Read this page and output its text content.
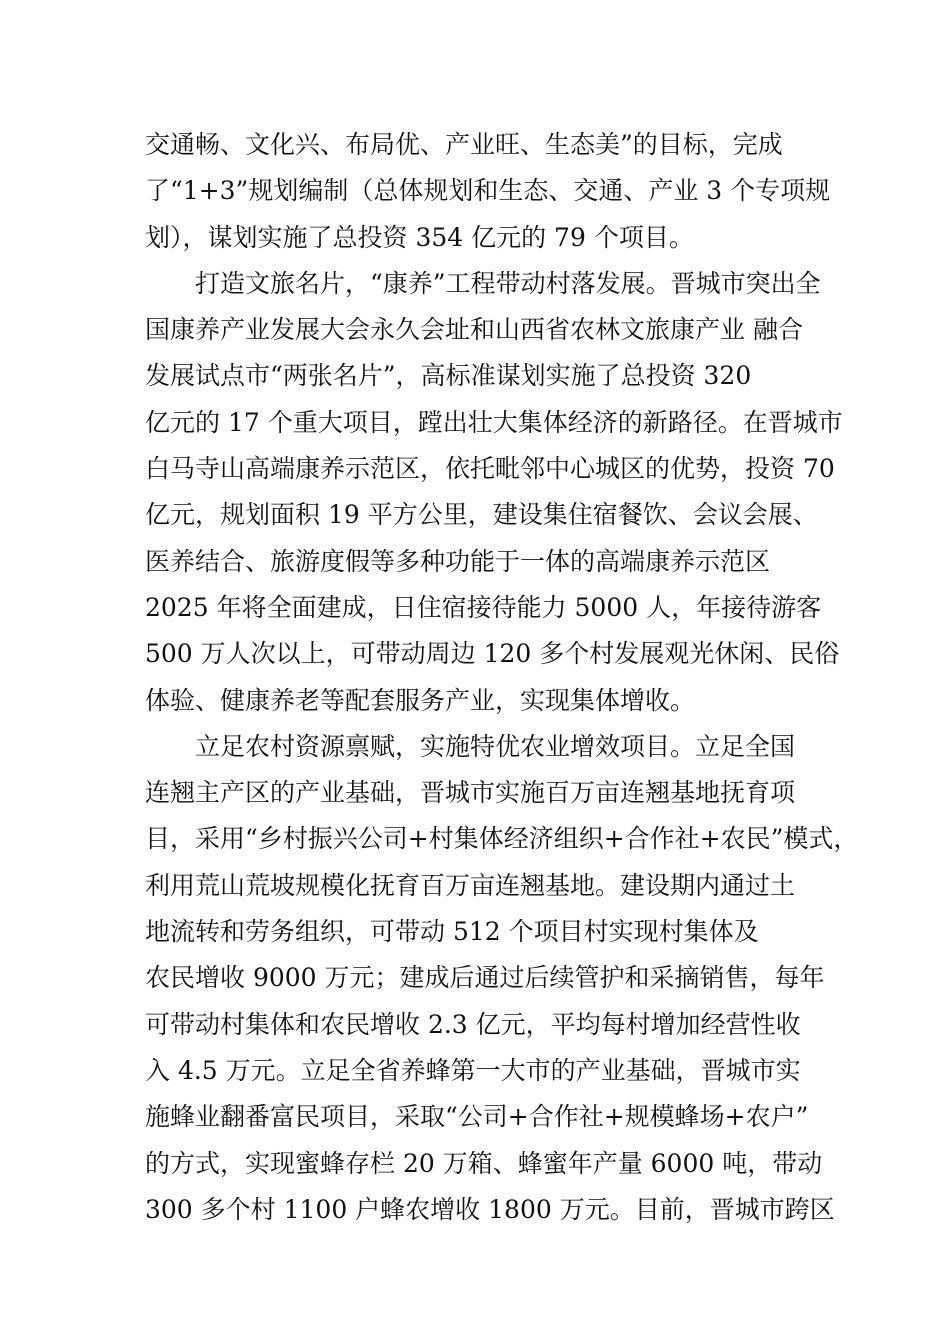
交通畅、文化兴、布局优、产业旺、生态美”的目标，完成
了“1+3”规划编制（总体规划和生态、交通、产业 3 个专项规
划），谋划实施了总投资 354 亿元的 79 个项目。
打造文旅名片，“康养”工程带动村落发展。晋城市突出全
国康养产业发展大会永久会址和山西省农林文旅康产业 融合
发展试点市“两张名片”，高标准谋划实施了总投资 320
亿元的 17 个重大项目，蹚出壮大集体经济的新路径。在晋城市
白马寺山高端康养示范区，依托毗邻中心城区的优势，投资 70
亿元，规划面积 19 平方公里，建设集住宿餐饮、会议会展、
医养结合、旅游度假等多种功能于一体的高端康养示范区
2025 年将全面建成，日住宿接待能力 5000 人，年接待游客
500 万人次以上，可带动周边 120 多个村发展观光休闲、民俗
体验、健康养老等配套服务产业，实现集体增收。
立足农村资源禀赋，实施特优农业增效项目。立足全国
连翘主产区的产业基础，晋城市实施百万亩连翘基地抚育项
目，采用“乡村振兴公司+村集体经济组织+合作社+农民”模式，
利用荒山荒坡规模化抚育百万亩连翘基地。建设期内通过土
地流转和劳务组织，可带动 512 个项目村实现村集体及
农民增收 9000 万元；建成后通过后续管护和采摘销售，每年
可带动村集体和农民增收 2.3 亿元，平均每村增加经营性收
入 4.5 万元。立足全省养蜂第一大市的产业基础，晋城市实
施蜂业翻番富民项目，采取“公司+合作社+规模蜂场+农户”
的方式，实现蜜蜂存栏 20 万箱、蜂蜜年产量 6000 吨，带动
300 多个村 1100 户蜂农增收 1800 万元。目前，晋城市跨区
